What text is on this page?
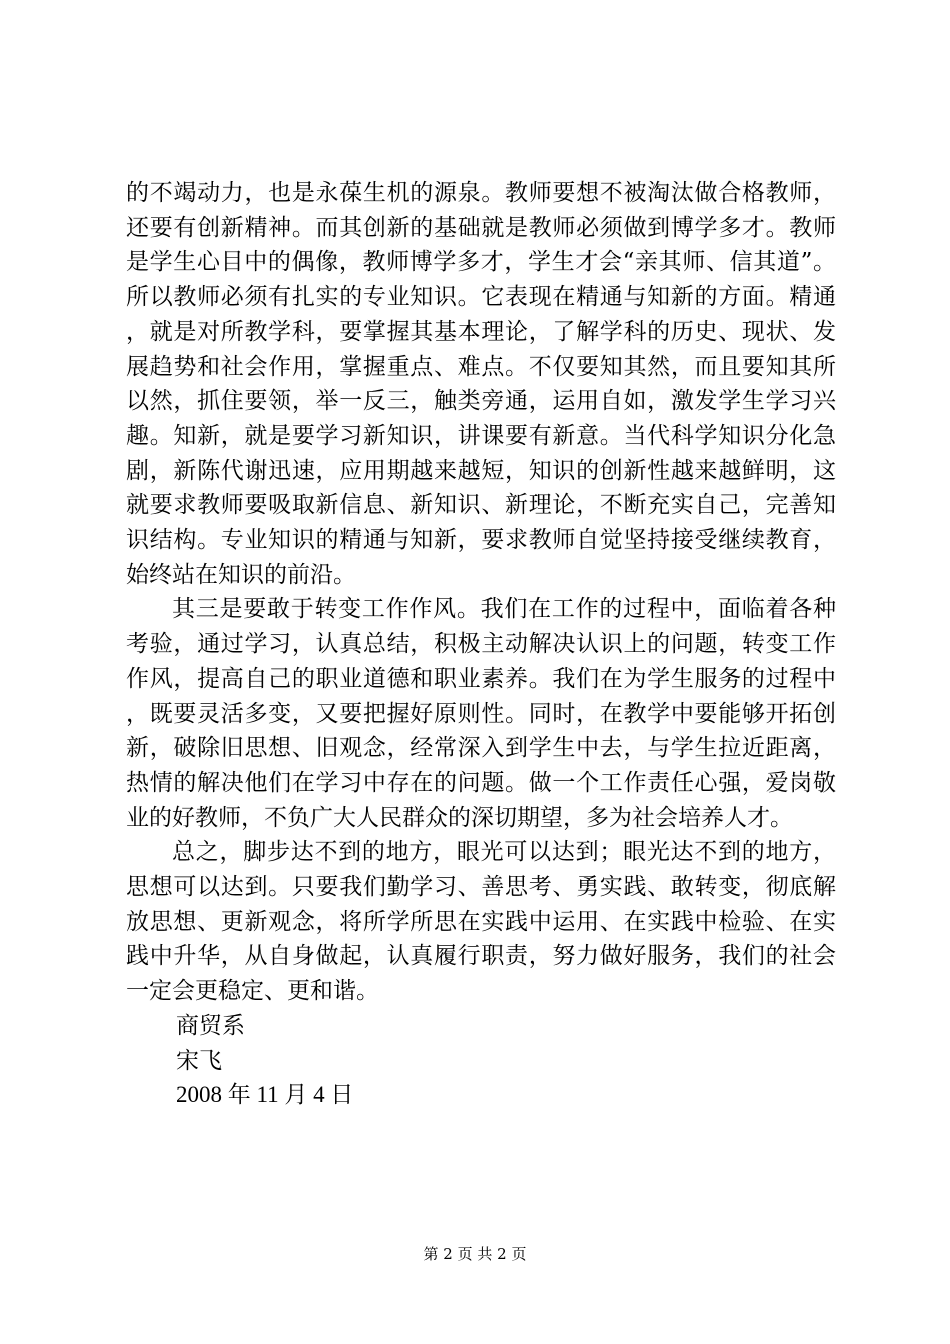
的不竭动力，也是永葆生机的源泉。教师要想不被淘汰做合格教师，还要有创新精神。而其创新的基础就是教师必须做到博学多才。教师是学生心目中的偶像，教师博学多才，学生才会“亲其师、信其道”。所以教师必须有扎实的专业知识。它表现在精通与知新的方面。精通，就是对所教学科，要掌握其基本理论，了解学科的历史、现状、发展趋势和社会作用，掌握重点、难点。不仅要知其然，而且要知其所以然，抓住要领，举一反三，触类旁通，运用自如，激发学生学习兴趣。知新，就是要学习新知识，讲课要有新意。当代科学知识分化急剧，新陈代谢迅速，应用期越来越短，知识的创新性越来越鲜明，这就要求教师要吸取新信息、新知识、新理论，不断充实自己，完善知识结构。专业知识的精通与知新，要求教师自觉坚持接受继续教育，始终站在知识的前沿。

其三是要敢于转变工作作风。我们在工作的过程中，面临着各种考验，通过学习，认真总结，积极主动解决认识上的问题，转变工作作风，提高自己的职业道德和职业素养。我们在为学生服务的过程中，既要灵活多变，又要把握好原则性。同时，在教学中要能够开拓创新，破除旧思想、旧观念，经常深入到学生中去，与学生拉近距离，热情的解决他们在学习中存在的问题。做一个工作责任心强，爱岗敬业的好教师，不负广大人民群众的深切期望，多为社会培养人才。

总之，脚步达不到的地方，眼光可以达到；眼光达不到的地方，思想可以达到。只要我们勤学习、善思考、勇实践、敢转变，彻底解放思想、更新观念，将所学所思在实践中运用、在实践中检验、在实践中升华，从自身做起，认真履行职责，努力做好服务，我们的社会一定会更稳定、更和谐。

商贸系

宋飞

2008 年 11 月 4 日

第 2 页 共 2 页
